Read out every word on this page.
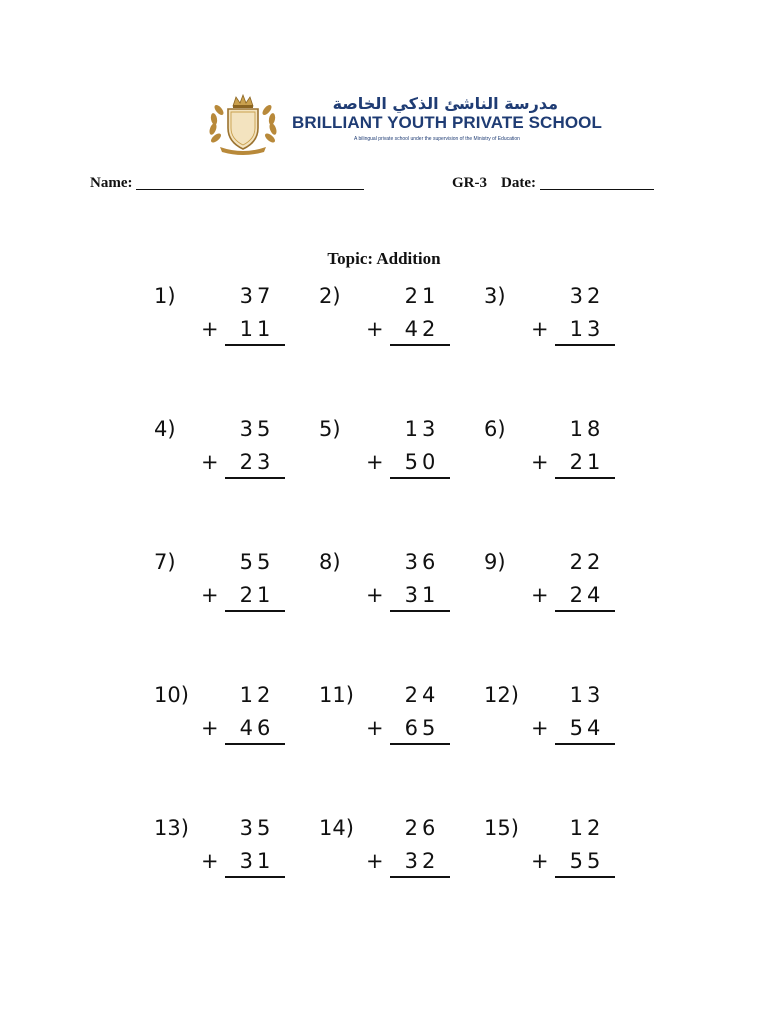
مدرسة الناشئ الذكي الخاصة
BRILLIANT YOUTH PRIVATE SCHOOL
A bilingual private school under the supervision of the Ministry of Education
Name:	GR-3 Date:
Topic: Addition
1)	37
+	11
2)	21
+	42
3)	32
+	13
4)	35
+	23
5)	13
+	50
6)	18
+	21
7)	55
+	21
8)	36
+	31
9)	22
+	24
10)	12
+	46
11)	24
+	65
12)	13
+	54
13)	35
+	31
14)	26
+	32
15)	12
+	55
